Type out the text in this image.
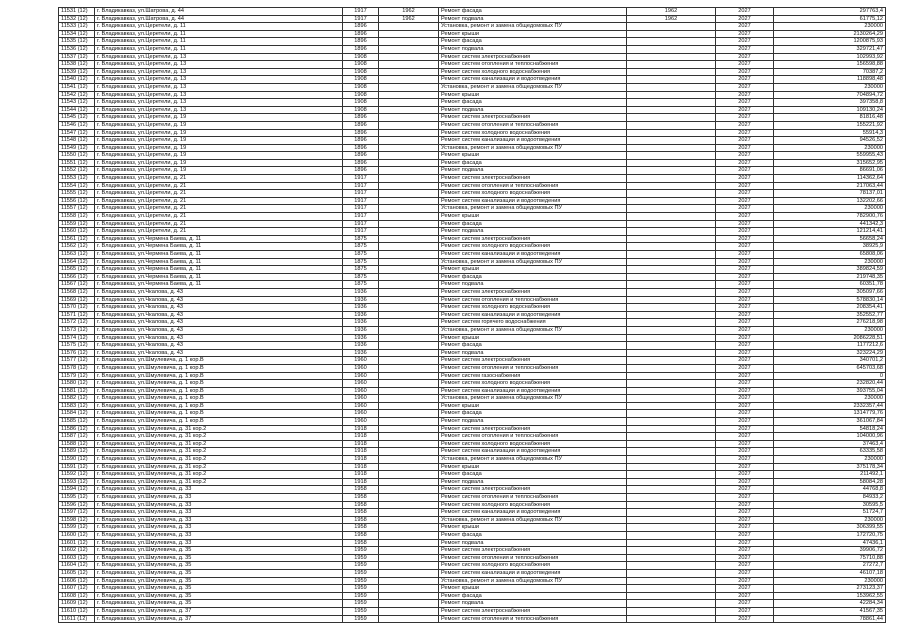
11531 (12)	г. Владикавказ, ул.Шатрова, д. 44	1917	1962	Ремонт фасада	1962	2027	297763,4
11532 (12)	г. Владикавказ, ул.Шатрова, д. 44	1917	1962	Ремонт подвала	1962	2027	61775,12
11533 (12)	г. Владикавказ, ул.Церетели, д. 11	1896		Установка, ремонт и замена общедомовых ПУ		2027	230000
11534 (12)	г. Владикавказ, ул.Церетели, д. 11	1896		Ремонт крыши		2027	2130264,29
11535 (12)	г. Владикавказ, ул.Церетели, д. 11	1896		Ремонт фасада		2027	1200875,93
11536 (12)	г. Владикавказ, ул.Церетели, д. 11	1896		Ремонт подвала		2027	329721,47
11537 (12)	г. Владикавказ, ул.Церетели, д. 13	1908		Ремонт систем электроснабжения		2027	102993,92
11538 (12)	г. Владикавказ, ул.Церетели, д. 13	1908		Ремонт систем отопления и теплоснабжения		2027	156598,88
11539 (12)	г. Владикавказ, ул.Церетели, д. 13	1908		Ремонт систем холодного водоснабжения		2027	70387,2
11540 (12)	г. Владикавказ, ул.Церетели, д. 13	1908		Ремонт систем канализации и водоотведения		2027	118898,48
11541 (12)	г. Владикавказ, ул.Церетели, д. 13	1908		Установка, ремонт и замена общедомовых ПУ		2027	230000
11542 (12)	г. Владикавказ, ул.Церетели, д. 13	1908		Ремонт крыши		2027	704894,72
11543 (12)	г. Владикавказ, ул.Церетели, д. 13	1908		Ремонт фасада		2027	397358,8
11544 (12)	г. Владикавказ, ул.Церетели, д. 13	1908		Ремонт подвала		2027	109130,24
11545 (12)	г. Владикавказ, ул.Церетели, д. 19	1896		Ремонт систем электроснабжения		2027	81816,48
11546 (12)	г. Владикавказ, ул.Церетели, д. 19	1896		Ремонт систем отопления и теплоснабжения		2027	155221,92
11547 (12)	г. Владикавказ, ул.Церетели, д. 19	1896		Ремонт систем холодного водоснабжения		2027	55914,3
11548 (12)	г. Владикавказ, ул.Церетели, д. 19	1896		Ремонт систем канализации и водоотведения		2027	94526,52
11549 (12)	г. Владикавказ, ул.Церетели, д. 19	1896		Установка, ремонт и замена общедомовых ПУ		2027	230000
11550 (12)	г. Владикавказ, ул.Церетели, д. 19	1896		Ремонт крыши		2027	559955,43
11551 (12)	г. Владикавказ, ул.Церетели, д. 19	1896		Ремонт фасада		2027	315652,95
11552 (12)	г. Владикавказ, ул.Церетели, д. 19	1896		Ремонт подвала		2027	86691,06
11553 (12)	г. Владикавказ, ул.Церетели, д. 21	1917		Ремонт систем электроснабжения		2027	114362,64
11554 (12)	г. Владикавказ, ул.Церетели, д. 21	1917		Ремонт систем отопления и теплоснабжения		2027	217063,44
11555 (12)	г. Владикавказ, ул.Церетели, д. 21	1917		Ремонт систем холодного водоснабжения		2027	78137,01
11556 (12)	г. Владикавказ, ул.Церетели, д. 21	1917		Ремонт систем канализации и водоотведения		2027	132202,66
11557 (12)	г. Владикавказ, ул.Церетели, д. 21	1917		Установка, ремонт и замена общедомовых ПУ		2027	230000
11558 (12)	г. Владикавказ, ул.Церетели, д. 21	1917		Ремонт крыши		2027	782900,76
11559 (12)	г. Владикавказ, ул.Церетели, д. 21	1917		Ремонт фасада		2027	441342,3
11560 (12)	г. Владикавказ, ул.Церетели, д. 21	1917		Ремонт подвала		2027	121214,41
11561 (12)	г. Владикавказ, ул.Черменa Баева, д. 11	1875		Ремонт систем электроснабжения		2027	56658,24
11562 (12)	г. Владикавказ, ул.Черменa Баева, д. 11	1875		Ремонт систем холодного водоснабжения		2027	38925,9
11563 (12)	г. Владикавказ, ул.Черменa Баева, д. 11	1875		Ремонт систем канализации и водоотведения		2027	65808,06
11564 (12)	г. Владикавказ, ул.Черменa Баева, д. 11	1875		Установка, ремонт и замена общедомовых ПУ		2027	230000
11565 (12)	г. Владикавказ, ул.Черменa Баева, д. 11	1875		Ремонт крыши		2027	389824,59
11566 (12)	г. Владикавказ, ул.Черменa Баева, д. 11	1875		Ремонт фасада		2027	219748,35
11567 (12)	г. Владикавказ, ул.Черменa Баева, д. 11	1875		Ремонт подвала		2027	60351,78
11568 (12)	г. Владикавказ, ул.Чкалова, д. 43	1936		Ремонт систем электроснабжения		2027	305097,66
11569 (12)	г. Владикавказ, ул.Чкалова, д. 43	1936		Ремонт систем отопления и теплоснабжения		2027	578830,14
11570 (12)	г. Владикавказ, ул.Чкалова, д. 43	1936		Ремонт систем холодного водоснабжения		2027	208354,41
11571 (12)	г. Владикавказ, ул.Чкалова, д. 43	1936		Ремонт систем канализации и водоотведения		2027	352552,77
11572 (12)	г. Владикавказ, ул.Чкалова, д. 43	1936		Ремонт систем горячего водоснабжения		2027	276218,98
11573 (12)	г. Владикавказ, ул.Чкалова, д. 43	1936		Установка, ремонт и замена общедомовых ПУ		2027	230000
11574 (12)	г. Владикавказ, ул.Чкалова, д. 43	1936		Ремонт крыши		2027	2086228,51
11575 (12)	г. Владикавказ, ул.Чкалова, д. 43	1936		Ремонт фасада		2027	1177212,6
11576 (12)	г. Владикавказ, ул.Чкалова, д. 43	1936		Ремонт подвала		2027	323224,29
11577 (12)	г. Владикавказ, ул.Шмулевича, д. 1 кор.В	1960		Ремонт систем электроснабжения		2027	340701,2
11578 (12)	г. Владикавказ, ул.Шмулевича, д. 1 кор.В	1960		Ремонт систем отопления и теплоснабжения		2027	645703,68
11579 (12)	г. Владикавказ, ул.Шмулевича, д. 1 кор.В	1960		Ремонт систем газоснабжения		2027	0
11580 (12)	г. Владикавказ, ул.Шмулевича, д. 1 кор.В	1960		Ремонт систем холодного водоснабжения		2027	232820,44
11581 (12)	г. Владикавказ, ул.Шмулевича, д. 1 кор.В	1960		Ремонт систем канализации и водоотведения		2027	393755,04
11582 (12)	г. Владикавказ, ул.Шмулевича, д. 1 кор.В	1960		Установка, ремонт и замена общедомовых ПУ		2027	230000
11583 (12)	г. Владикавказ, ул.Шмулевича, д. 1 кор.В	1960		Ремонт крыши		2027	2332357,44
11584 (12)	г. Владикавказ, ул.Шмулевича, д. 1 кор.В	1960		Ремонт фасада		2027	1314779,76
11585 (12)	г. Владикавказ, ул.Шмулевича, д. 1 кор.В	1960		Ремонт подвала		2027	361067,84
11586 (12)	г. Владикавказ, ул.Шмулевича, д. 31 кор.2	1918		Ремонт систем электроснабжения		2027	54818,24
11587 (12)	г. Владикавказ, ул.Шмулевича, д. 31 кор.2	1918		Ремонт систем отопления и теплоснабжения		2027	104000,96
11588 (12)	г. Владикавказ, ул.Шмулевича, д. 31 кор.2	1918		Ремонт систем холодного водоснабжения		2027	37463,4
11589 (12)	г. Владикавказ, ул.Шмулевича, д. 31 кор.2	1918		Ремонт систем канализации и водоотведения		2027	63335,58
11590 (12)	г. Владикавказ, ул.Шмулевича, д. 31 кор.2	1918		Установка, ремонт и замена общедомовых ПУ		2027	230000
11591 (12)	г. Владикавказ, ул.Шмулевича, д. 31 кор.2	1918		Ремонт крыши		2027	375178,34
11592 (12)	г. Владикавказ, ул.Шмулевича, д. 31 кор.2	1918		Ремонт фасада		2027	211492,1
11593 (12)	г. Владикавказ, ул.Шмулевича, д. 31 кор.2	1918		Ремонт подвала		2027	58084,28
11594 (12)	г. Владикавказ, ул.Шмулевича, д. 33	1958		Ремонт систем электроснабжения		2027	44768,8
11595 (12)	г. Владикавказ, ул.Шмулевича, д. 33	1958		Ремонт систем отопления и теплоснабжения		2027	84933,2
11596 (12)	г. Владикавказ, ул.Шмулевича, д. 33	1958		Ремонт систем холодного водоснабжения		2027	30595,5
11597 (12)	г. Владикавказ, ул.Шмулевича, д. 33	1958		Ремонт систем канализации и водоотведения		2027	51724,7
11598 (12)	г. Владикавказ, ул.Шмулевича, д. 33	1958		Установка, ремонт и замена общедомовых ПУ		2027	230000
11599 (12)	г. Владикавказ, ул.Шмулевича, д. 33	1958		Ремонт крыши		2027	306399,55
11600 (12)	г. Владикавказ, ул.Шмулевича, д. 33	1958		Ремонт фасада		2027	172720,75
11601 (12)	г. Владикавказ, ул.Шмулевича, д. 33	1958		Ремонт подвала		2027	47436,1
11602 (12)	г. Владикавказ, ул.Шмулевича, д. 35	1959		Ремонт систем электроснабжения		2027	39906,72
11603 (12)	г. Владикавказ, ул.Шмулевича, д. 35	1959		Ремонт систем отопления и теплоснабжения		2027	75710,88
11604 (12)	г. Владикавказ, ул.Шмулевича, д. 35	1959		Ремонт систем холодного водоснабжения		2027	27272,7
11605 (12)	г. Владикавказ, ул.Шмулевича, д. 35	1959		Ремонт систем канализации и водоотведения		2027	46107,18
11606 (12)	г. Владикавказ, ул.Шмулевича, д. 35	1959		Установка, ремонт и замена общедомовых ПУ		2027	230000
11607 (12)	г. Владикавказ, ул.Шмулевича, д. 35	1959		Ремонт крыши		2027	273123,37
11608 (12)	г. Владикавказ, ул.Шмулевича, д. 35	1959		Ремонт фасада		2027	153962,55
11609 (12)	г. Владикавказ, ул.Шмулевича, д. 35	1959		Ремонт подвала		2027	42284,34
11610 (12)	г. Владикавказ, ул.Шмулевича, д. 37	1959		Ремонт систем электроснабжения		2027	41567,35
11611 (12)	г. Владикавказ, ул.Шмулевича, д. 37	1959		Ремонт систем отопления и теплоснабжения		2027	78861,44
